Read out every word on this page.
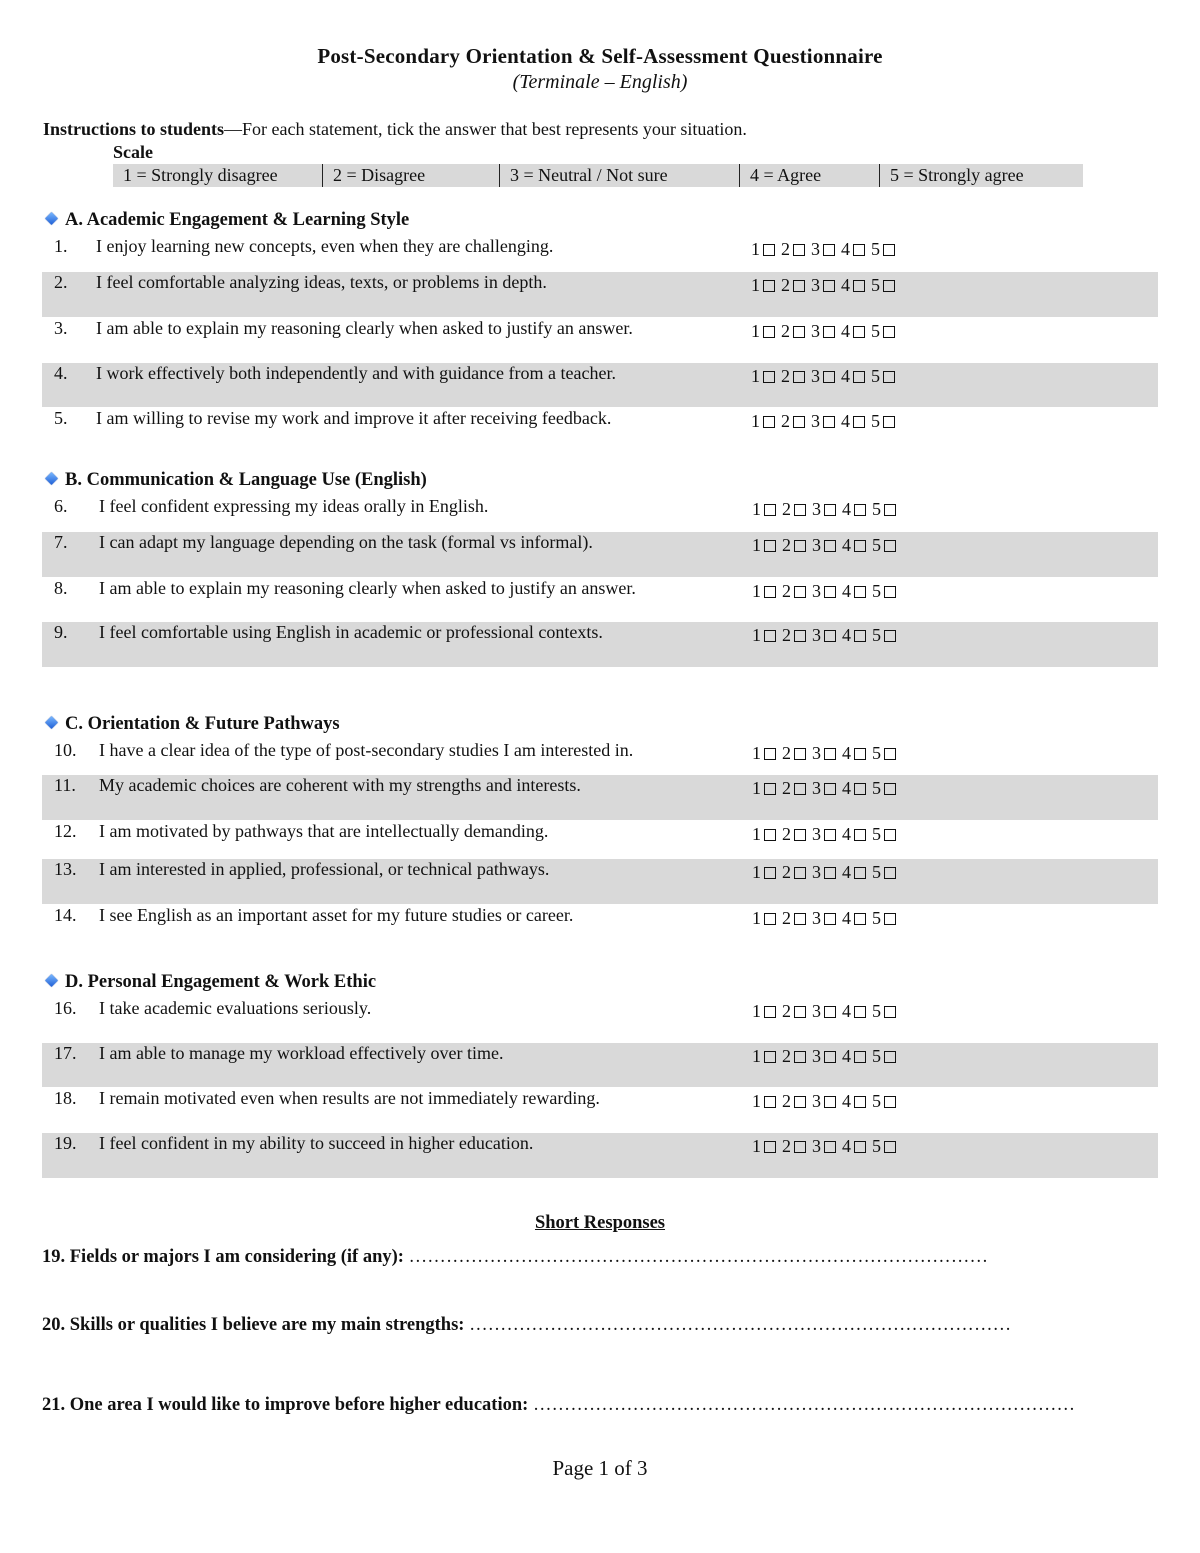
Post-Secondary Orientation & Self-Assessment Questionnaire
(Terminale – English)
Instructions to students—For each statement, tick the answer that best represents your situation.
Scale
1 = Strongly disagree	2 = Disagree	3 = Neutral / Not sure	4 = Agree	5 = Strongly agree
A. Academic Engagement & Learning Style
1. I enjoy learning new concepts, even when they are challenging.	1 2 3 4 5
2. I feel comfortable analyzing ideas, texts, or problems in depth.	1 2 3 4 5
3. I am able to explain my reasoning clearly when asked to justify an answer.	1 2 3 4 5
4. I work effectively both independently and with guidance from a teacher.	1 2 3 4 5
5. I am willing to revise my work and improve it after receiving feedback.	1 2 3 4 5
B. Communication & Language Use (English)
6. I feel confident expressing my ideas orally in English.	1 2 3 4 5
7. I can adapt my language depending on the task (formal vs informal).	1 2 3 4 5
8. I am able to explain my reasoning clearly when asked to justify an answer.	1 2 3 4 5
9. I feel comfortable using English in academic or professional contexts.	1 2 3 4 5
C. Orientation & Future Pathways
10. I have a clear idea of the type of post-secondary studies I am interested in.	1 2 3 4 5
11. My academic choices are coherent with my strengths and interests.	1 2 3 4 5
12. I am motivated by pathways that are intellectually demanding.	1 2 3 4 5
13. I am interested in applied, professional, or technical pathways.	1 2 3 4 5
14. I see English as an important asset for my future studies or career.	1 2 3 4 5
D. Personal Engagement & Work Ethic
16. I take academic evaluations seriously.	1 2 3 4 5
17. I am able to manage my workload effectively over time.	1 2 3 4 5
18. I remain motivated even when results are not immediately rewarding.	1 2 3 4 5
19. I feel confident in my ability to succeed in higher education.	1 2 3 4 5
Short Responses
19. Fields or majors I am considering (if any): …………………………………………………………………………………
20. Skills or qualities I believe are my main strengths: ……………………………………………………………………………
21. One area I would like to improve before higher education: ……………………………………………………………………………
Page 1 of 3
